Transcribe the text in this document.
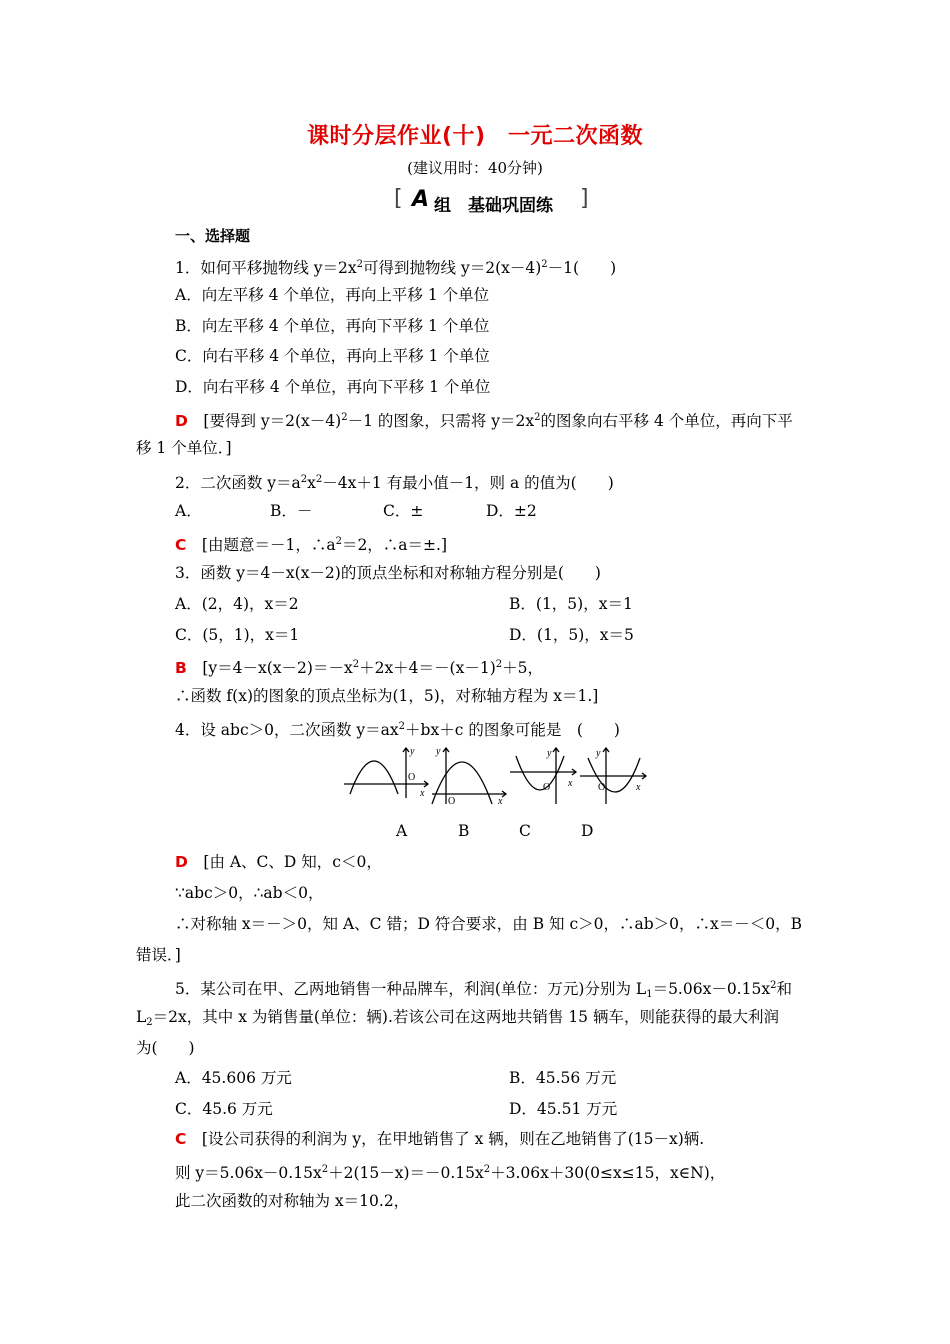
课时分层作业(十)　一元二次函数
(建议用时：40分钟)
[ A 组　基础巩固练 ]
一、选择题
1．如何平移抛物线 $y=2x^2$可得到抛物线 $y=2(x-4)^2-1$(　　)
A．向左平移 4 个单位，再向上平移 1 个单位
B．向左平移 4 个单位，再向下平移 1 个单位
C．向右平移 4 个单位，再向上平移 1 个单位
D．向右平移 4 个单位，再向下平移 1 个单位
D　 [要得到 $y=2(x-4)^2-1$ 的图象，只需将 $y=2x^2$的图象向右平移 4 个单位，再向下平
移 1 个单位．]
2．二次函数 $y=a^2x^2-4x+1$ 有最小值－1，则 a 的值为(　　)
A．	B．－	C．±	D．±2
C　 [由题意＝－1，$\therefore a^2=2$，∴a＝±.]
3．函数 y＝4－x(x－2)的顶点坐标和对称轴方程分别是(　　)
A．(2，4)，x＝2	B．(1，5)，x＝1
C．(5，1)，x＝1	D．(1，5)，x＝5
B　 [$y=4-x(x-2)=-x^2+2x+4=-(x-1)^2+5$，
∴函数 f(x)的图象的顶点坐标为(1，5)，对称轴方程为 x＝1.]
4．设 abc＞0，二次函数 $y=ax^2+bx+c$ 的图象可能是　(　　)
y
O
x
y
O	x
y
O x
y
O	x
A	B	C	D
D　 [由 A、C、D 知，c＜0，
∵abc＞0，∴ab＜0，
∴对称轴 x＝－＞0，知 A、C 错；D 符合要求，由 B 知 c＞0，∴ab＞0，∴x＝－＜0，B
错误．]
5．某公司在甲、乙两地销售一种品牌车，利润(单位：万元)分别为 $L_1=5.06x-0.15x^2$和
$L_2=2x$，其中 x 为销售量(单位：辆).若该公司在这两地共销售 15 辆车，则能获得的最大利润
为(　　)
A．45.606 万元	B．45.56 万元
C．45.6 万元	D．45.51 万元
C　 [设公司获得的利润为 y，在甲地销售了 x 辆，则在乙地销售了(15－x)辆.
则 $y=5.06x-0.15x^2+2(15-x)=-0.15x^2+3.06x+30(0\le x\le 15$，x∈N)，
此二次函数的对称轴为 x＝10.2，
